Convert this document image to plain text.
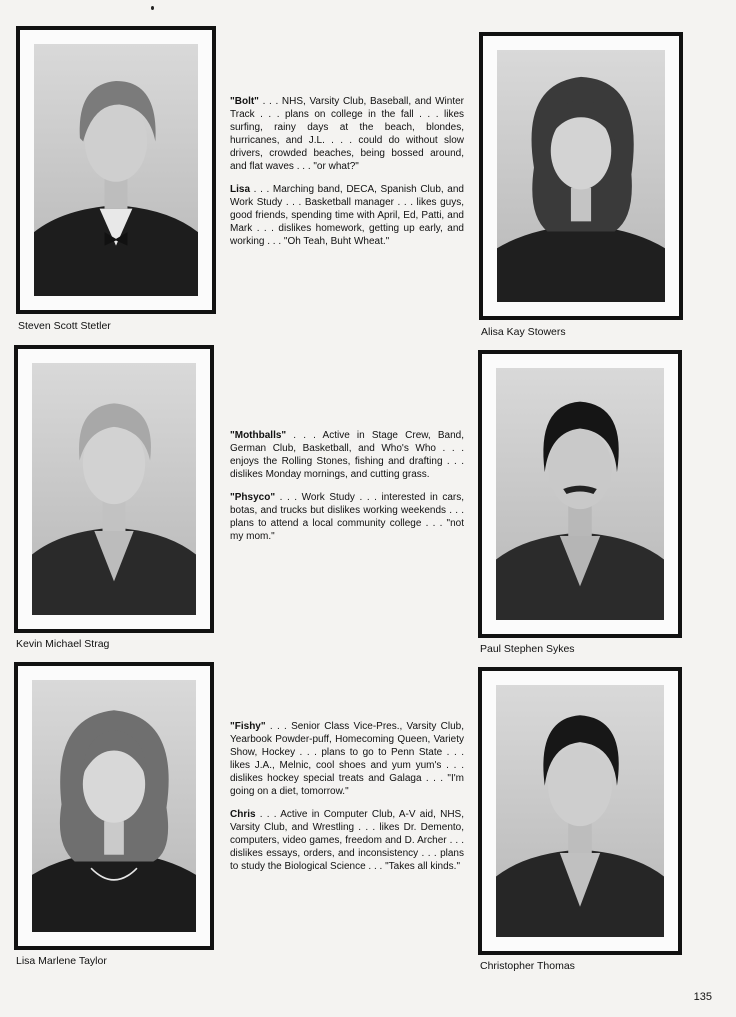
Steven Scott Stetler

"Bolt" . . . NHS, Varsity Club, Baseball, and Winter Track . . . plans on college in the fall . . . likes surfing, rainy days at the beach, blondes, hurricanes, and J.L. . . . could do without slow drivers, crowded beaches, being bossed around, and flat waves . . . "or what?"

Lisa . . . Marching band, DECA, Spanish Club, and Work Study . . . Basketball manager . . . likes guys, good friends, spending time with April, Ed, Patti, and Mark . . . dislikes homework, getting up early, and working . . . "Oh Teah, Buht Wheat."

Alisa Kay Stowers
Kevin Michael Strag

"Mothballs" . . . Active in Stage Crew, Band, German Club, Basketball, and Who's Who . . . enjoys the Rolling Stones, fishing and drafting . . . dislikes Monday mornings, and cutting grass.

"Phsyco" . . . Work Study . . . interested in cars, botas, and trucks but dislikes working weekends . . . plans to attend a local community college . . . "not my mom."

Paul Stephen Sykes
Lisa Marlene Taylor

"Fishy" . . . Senior Class Vice-Pres., Varsity Club, Yearbook Powder-puff, Homecoming Queen, Variety Show, Hockey . . . plans to go to Penn State . . . likes J.A., Melnic, cool shoes and yum yum's . . . dislikes hockey special treats and Galaga . . . "I'm going on a diet, tomorrow."

Chris . . . Active in Computer Club, A-V aid, NHS, Varsity Club, and Wrestling . . . likes Dr. Demento, computers, video games, freedom and D. Archer . . . dislikes essays, orders, and inconsistency . . . plans to study the Biological Science . . . "Takes all kinds."

Christopher Thomas
135
